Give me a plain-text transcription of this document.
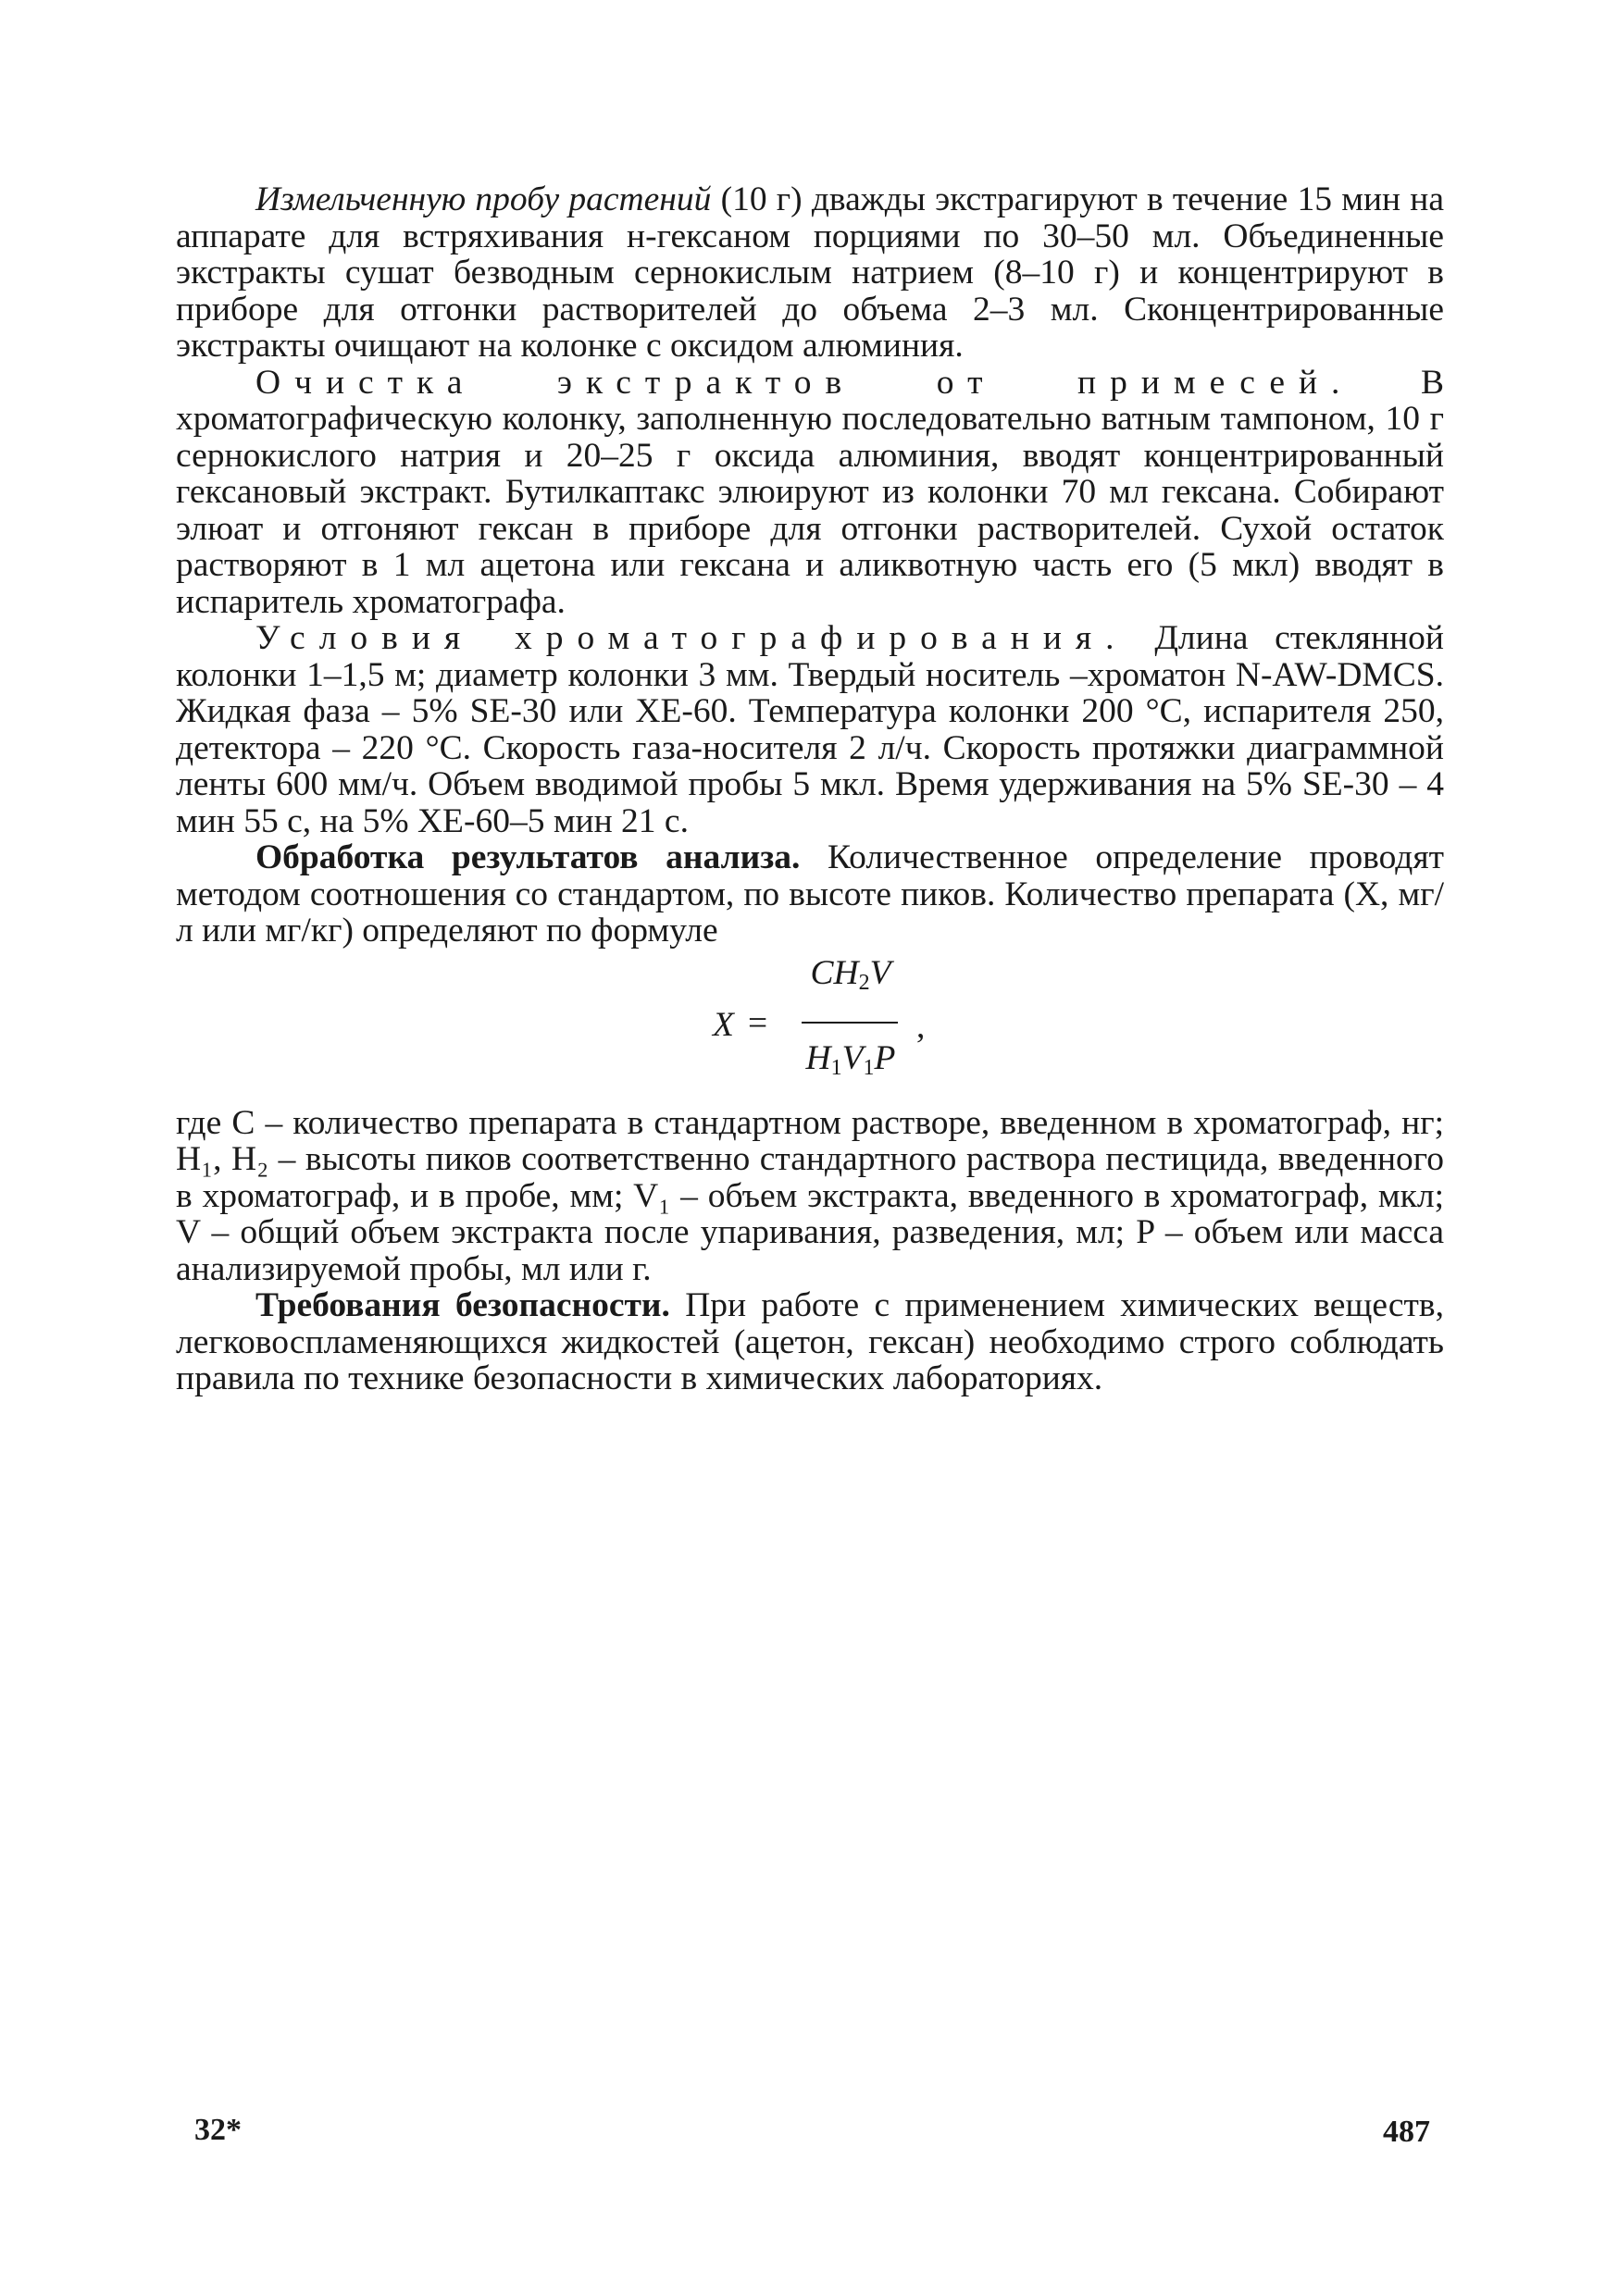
Измельченную пробу растений (10 г) дважды экстрагируют в течение 15 мин на аппарате для встряхивания н-гексаном порциями по 30–50 мл. Объединенные экстракты сушат безводным сернокислым натрием (8–10 г) и концентрируют в приборе для отгонки растворителей до объема 2–3 мл. Сконцентрированные экстракты очищают на колонке с оксидом алюминия.

Очистка экстрактов от примесей. В хроматографическую колонку, заполненную последовательно ватным тампоном, 10 г сернокислого натрия и 20–25 г оксида алюминия, вводят концентрированный гексановый экстракт. Бутилкаптакс элюируют из колонки 70 мл гексана. Собирают элюат и отгоняют гексан в приборе для отгонки растворителей. Сухой остаток растворяют в 1 мл ацетона или гексана и аликвотную часть его (5 мкл) вводят в испаритель хроматографа.

Условия хроматографирования. Длина стеклянной колонки 1–1,5 м; диаметр колонки 3 мм. Твердый носитель –хроматон N-AW-DMCS. Жидкая фаза – 5% SE-30 или XE-60. Температура колонки 200 °С, испарителя 250, детектора – 220 °С. Скорость газа-носителя 2 л/ч. Скорость протяжки диаграммной ленты 600 мм/ч. Объем вводимой пробы 5 мкл. Время удерживания на 5% SE-30 – 4 мин 55 с, на 5% XE-60–5 мин 21 с.

Обработка результатов анализа. Количественное определение проводят методом соотношения со стандартом, по высоте пиков. Количество препарата (X, мг/л или мг/кг) определяют по формуле

X =
$CH_2V$
$H_1V_1P$
,

где C – количество препарата в стандартном растворе, введенном в хроматограф, нг; H₁, H₂ – высоты пиков соответственно стандартного раствора пестицида, введенного в хроматограф, и в пробе, мм; V₁ – объем экстракта, введенного в хроматограф, мкл; V – общий объем экстракта после упаривания, разведения, мл; P – объем или масса анализируемой пробы, мл или г.

Требования безопасности. При работе с применением химических веществ, легковоспламеняющихся жидкостей (ацетон, гексан) необходимо строго соблюдать правила по технике безопасности в химических лабораториях.

32*	487
